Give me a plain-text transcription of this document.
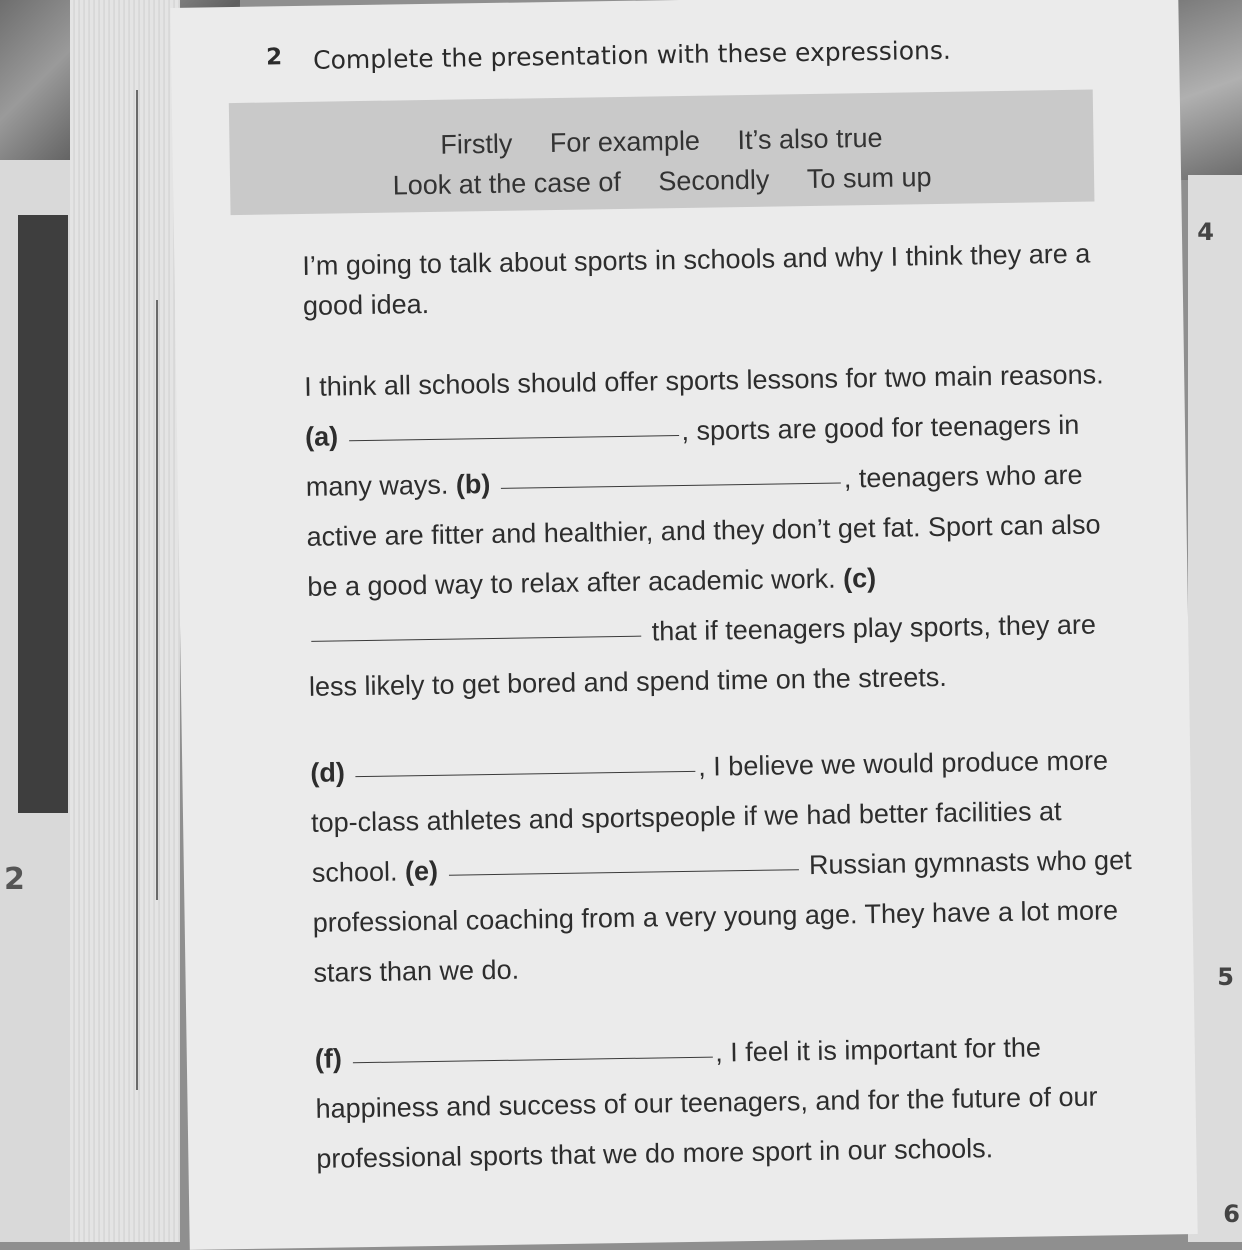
2
4
5
6
2 Complete the presentation with these expressions.
Firstly For example It’s also true
Look at the case of Secondly To sum up

I’m going to talk about sports in schools and why I think they are a good idea.

I think all schools should offer sports lessons for two main reasons. (a)	, sports are good for teenagers in many ways. (b)	, teenagers who are active are fitter and healthier, and they don’t get fat. Sport can also be a good way to relax after academic work. (c)  that if teenagers play sports, they are less likely to get bored and spend time on the streets.

(d)	, I believe we would produce more top-class athletes and sportspeople if we had better facilities at school. (e)	Russian gymnasts who get professional coaching from a very young age. They have a lot more stars than we do.

(f)	, I feel it is important for the happiness and success of our teenagers, and for the future of our professional sports that we do more sport in our schools.
